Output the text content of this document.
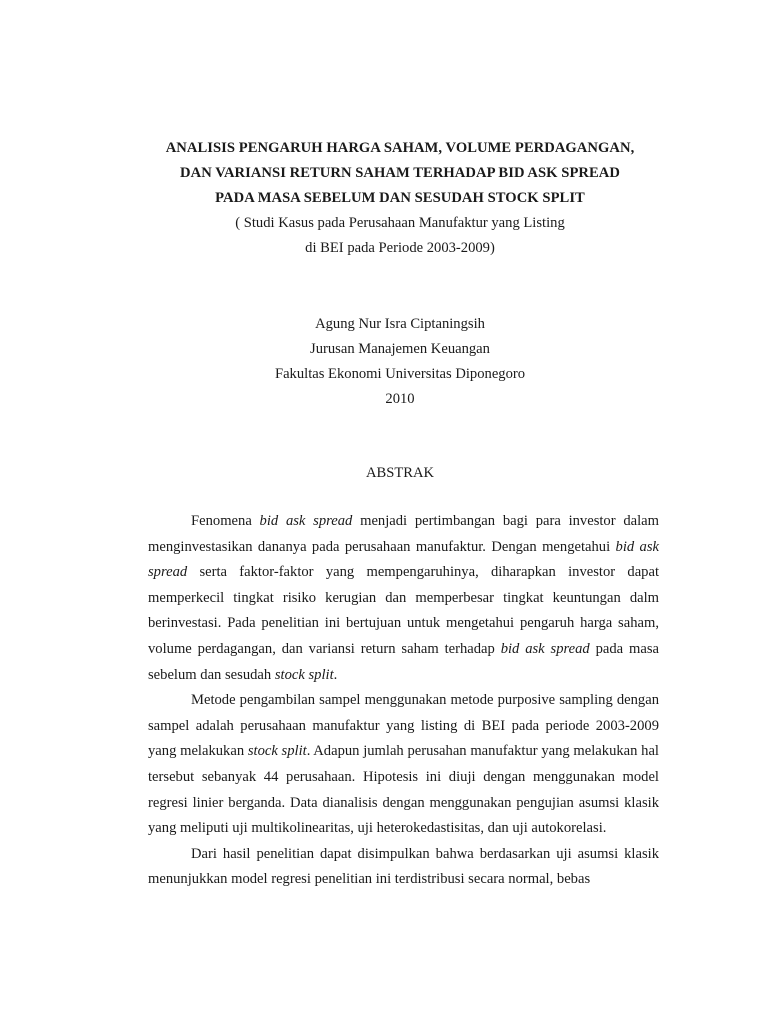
ANALISIS PENGARUH HARGA SAHAM, VOLUME PERDAGANGAN,
DAN VARIANSI RETURN SAHAM TERHADAP BID ASK SPREAD
PADA MASA SEBELUM DAN SESUDAH STOCK SPLIT
( Studi Kasus pada Perusahaan Manufaktur yang Listing
di BEI pada Periode 2003-2009)
Agung Nur Isra Ciptaningsih
Jurusan Manajemen Keuangan
Fakultas Ekonomi Universitas Diponegoro
2010
ABSTRAK

Fenomena bid ask spread menjadi pertimbangan bagi para investor dalam menginvestasikan dananya pada perusahaan manufaktur. Dengan mengetahui bid ask spread serta faktor-faktor yang mempengaruhinya, diharapkan investor dapat memperkecil tingkat risiko kerugian dan memperbesar tingkat keuntungan dalm berinvestasi. Pada penelitian ini bertujuan untuk mengetahui pengaruh harga saham, volume perdagangan, dan variansi return saham terhadap bid ask spread pada masa sebelum dan sesudah stock split.

Metode pengambilan sampel menggunakan metode purposive sampling dengan sampel adalah perusahaan manufaktur yang listing di BEI pada periode 2003-2009 yang melakukan stock split. Adapun jumlah perusahan manufaktur yang melakukan hal tersebut sebanyak 44 perusahaan. Hipotesis ini diuji dengan menggunakan model regresi linier berganda. Data dianalisis dengan menggunakan pengujian asumsi klasik yang meliputi uji multikolinearitas, uji heterokedastisitas, dan uji autokorelasi.

Dari hasil penelitian dapat disimpulkan bahwa berdasarkan uji asumsi klasik menunjukkan model regresi penelitian ini terdistribusi secara normal, bebas
